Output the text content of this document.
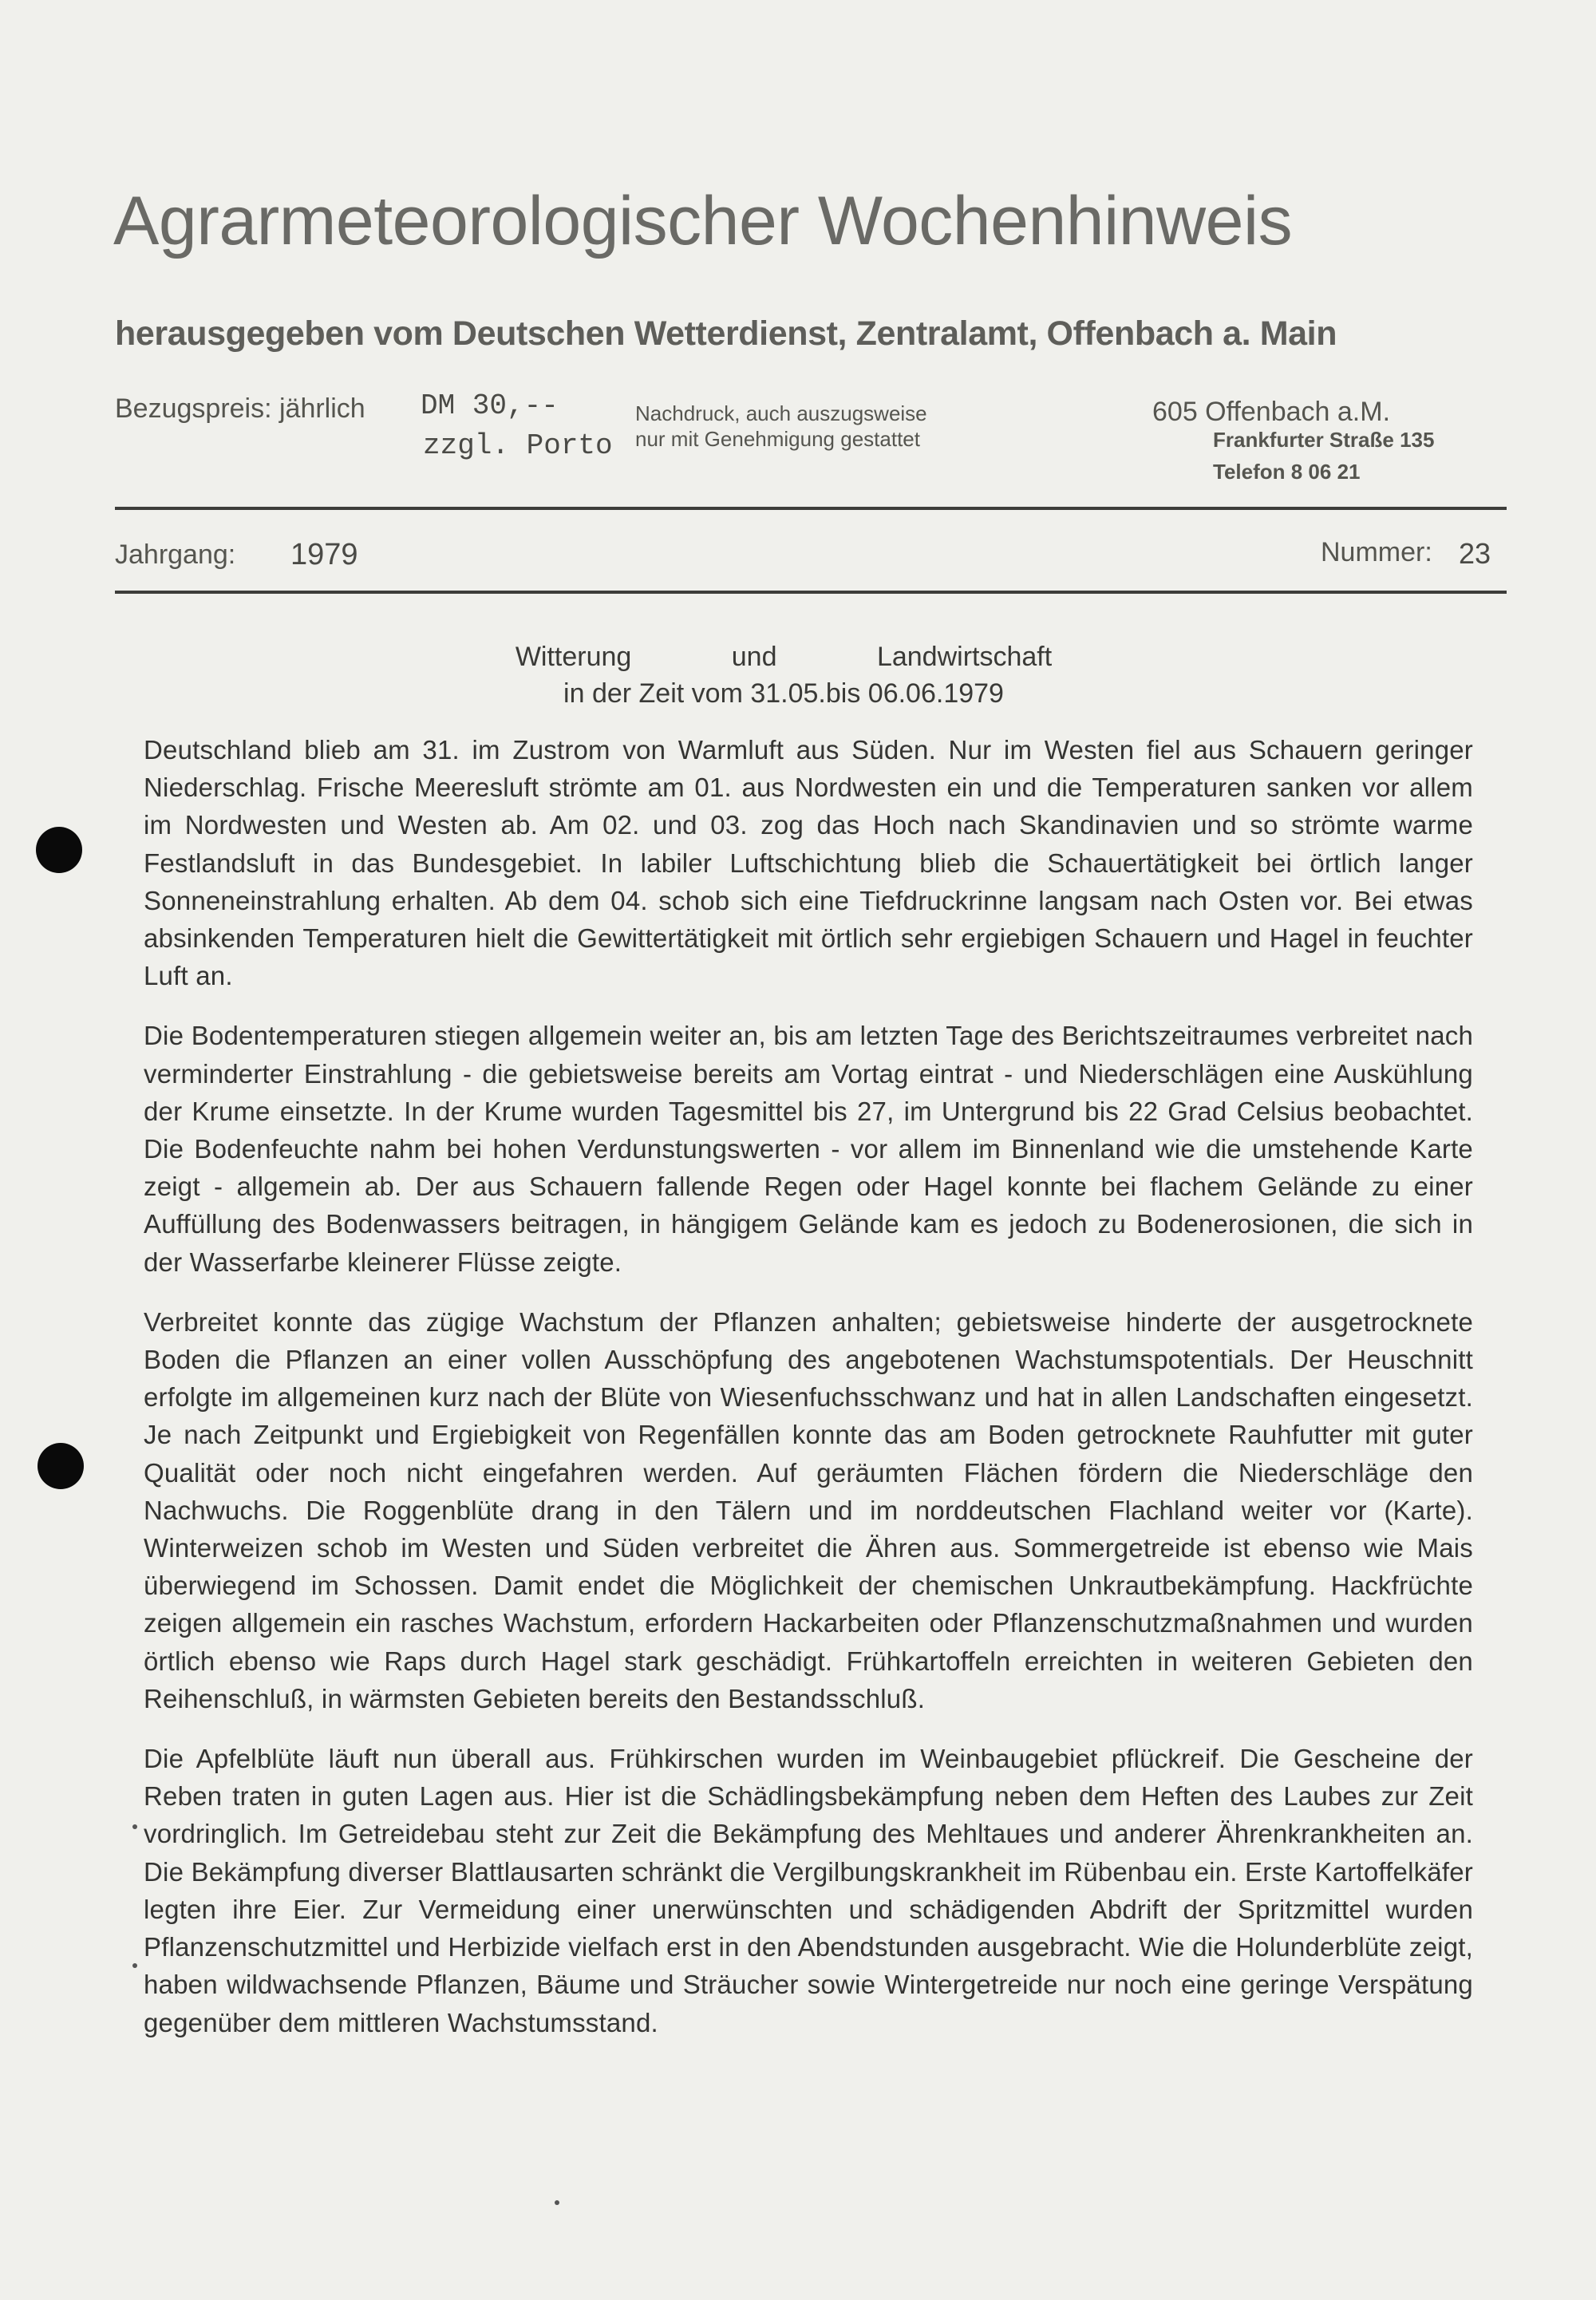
Agrarmeteorologischer Wochenhinweis
herausgegeben vom Deutschen Wetterdienst, Zentralamt, Offenbach a. Main
Bezugspreis: jährlich DM 30,--
zzgl. Porto
Nachdruck, auch auszugsweise
nur mit Genehmigung gestattet
605 Offenbach a.M.
Frankfurter Straße 135
Telefon 8 06 21
Jahrgang: 1979	Nummer: 23
Witterung und Landwirtschaft
in der Zeit vom 31.05.bis 06.06.1979

Deutschland blieb am 31. im Zustrom von Warmluft aus Süden. Nur im Westen fiel aus Schauern geringer Niederschlag. Frische Meeresluft strömte am 01. aus Nordwesten ein und die Temperaturen sanken vor allem im Nordwesten und Westen ab. Am 02. und 03. zog das Hoch nach Skandinavien und so strömte warme Festlandsluft in das Bundesgebiet. In labiler Luftschichtung blieb die Schauertätigkeit bei örtlich langer Sonneneinstrahlung erhalten. Ab dem 04. schob sich eine Tiefdruckrinne langsam nach Osten vor. Bei etwas absinkenden Temperaturen hielt die Gewittertätigkeit mit örtlich sehr ergiebigen Schauern und Hagel in feuchter Luft an.

Die Bodentemperaturen stiegen allgemein weiter an, bis am letzten Tage des Berichtszeitraumes verbreitet nach verminderter Einstrahlung - die gebietsweise bereits am Vortag eintrat - und Niederschlägen eine Auskühlung der Krume einsetzte. In der Krume wurden Tagesmittel bis 27, im Untergrund bis 22 Grad Celsius beobachtet. Die Bodenfeuchte nahm bei hohen Verdunstungswerten - vor allem im Binnenland wie die umstehende Karte zeigt - allgemein ab. Der aus Schauern fallende Regen oder Hagel konnte bei flachem Gelände zu einer Auffüllung des Bodenwassers beitragen, in hängigem Gelände kam es jedoch zu Bodenerosionen, die sich in der Wasserfarbe kleinerer Flüsse zeigte.

Verbreitet konnte das zügige Wachstum der Pflanzen anhalten; gebietsweise hinderte der ausgetrocknete Boden die Pflanzen an einer vollen Ausschöpfung des angebotenen Wachstumspotentials. Der Heuschnitt erfolgte im allgemeinen kurz nach der Blüte von Wiesenfuchsschwanz und hat in allen Landschaften eingesetzt. Je nach Zeitpunkt und Ergiebigkeit von Regenfällen konnte das am Boden getrocknete Rauhfutter mit guter Qualität oder noch nicht eingefahren werden. Auf geräumten Flächen fördern die Niederschläge den Nachwuchs. Die Roggenblüte drang in den Tälern und im norddeutschen Flachland weiter vor (Karte). Winterweizen schob im Westen und Süden verbreitet die Ähren aus. Sommergetreide ist ebenso wie Mais überwiegend im Schossen. Damit endet die Möglichkeit der chemischen Unkrautbekämpfung. Hackfrüchte zeigen allgemein ein rasches Wachstum, erfordern Hackarbeiten oder Pflanzenschutzmaßnahmen und wurden örtlich ebenso wie Raps durch Hagel stark geschädigt. Frühkartoffeln erreichten in weiteren Gebieten den Reihenschluß, in wärmsten Gebieten bereits den Bestandsschluß.

Die Apfelblüte läuft nun überall aus. Frühkirschen wurden im Weinbaugebiet pflückreif. Die Gescheine der Reben traten in guten Lagen aus. Hier ist die Schädlingsbekämpfung neben dem Heften des Laubes zur Zeit vordringlich. Im Getreidebau steht zur Zeit die Bekämpfung des Mehltaues und anderer Ährenkrankheiten an. Die Bekämpfung diverser Blattlausarten schränkt die Vergilbungskrankheit im Rübenbau ein. Erste Kartoffelkäfer legten ihre Eier. Zur Vermeidung einer unerwünschten und schädigenden Abdrift der Spritzmittel wurden Pflanzenschutzmittel und Herbizide vielfach erst in den Abendstunden ausgebracht. Wie die Holunderblüte zeigt, haben wildwachsende Pflanzen, Bäume und Sträucher sowie Wintergetreide nur noch eine geringe Verspätung gegenüber dem mittleren Wachstumsstand.
